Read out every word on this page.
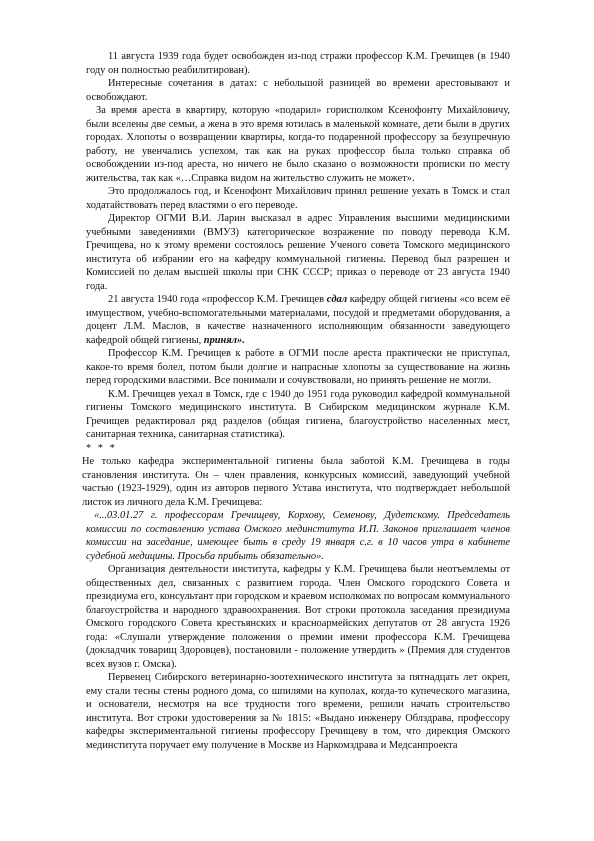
11 августа 1939 года будет освобожден из-под стражи профессор К.М. Гречищев (в 1940 году он полностью реабилитирован).

Интересные сочетания в датах: с небольшой разницей во времени арестовывают и освобождают.

За время ареста в квартиру, которую «подарил» горисполком Ксенофонту Михайловичу, были вселены две семьи, а жена в это время ютилась в маленькой комнате, дети были в других городах. Хлопоты о возвращении квартиры, когда-то подаренной профессору за безупречную работу, не увенчались успехом, так как на руках профессор была только справка об освобождении из-под ареста, но ничего не было сказано о возможности прописки по месту жительства, так как «…Справка видом на жительство служить не может».

Это продолжалось год, и Ксенофонт Михайлович принял решение уехать в Томск и стал ходатайствовать перед властями о его переводе.

Директор ОГМИ В.И. Ларин высказал в адрес Управления высшими медицинскими учебными заведениями (ВМУЗ) категорическое возражение по поводу перевода К.М. Гречищева, но к этому времени состоялось решение Ученого совета Томского медицинского института об избрании его на кафедру коммунальной гигиены. Перевод был разрешен и Комиссией по делам высшей школы при СНК СССР; приказ о переводе от 23 августа 1940 года.

21 августа 1940 года «профессор К.М. Гречищев сдал кафедру общей гигиены «со всем её имуществом, учебно-вспомогательными материалами, посудой и предметами оборудования, а доцент Л.М. Маслов, в качестве назначенного исполняющим обязанности заведующего кафедрой общей гигиены, принял».

Профессор К.М. Гречищев к работе в ОГМИ после ареста практически не приступал, какое-то время болел, потом были долгие и напрасные хлопоты за существование на жизнь перед городскими властями. Все понимали и сочувствовали, но принять решение не могли.

К.М. Гречищев уехал в Томск, где с 1940 до 1951 года руководил кафедрой коммунальной гигиены Томского медицинского института. В Сибирском медицинском журнале К.М. Гречищев редактировал ряд разделов (общая гигиена, благоустройство населенных мест, санитарная техника, санитарная статистика).

* * *

Не только кафедра экспериментальной гигиены была заботой К.М. Гречищева в годы становления института. Он – член правления, конкурсных комиссий, заведующий учебной частью (1923-1929), один из авторов первого Устава института, что подтверждает небольшой листок из личного дела К.М. Гречищева:

«...03.01.27 г. профессорам Гречищеву, Корхову, Семенову, Дудетскому. Председатель комиссии по составлению устава Омского мединститута И.П. Законов приглашает членов комиссии на заседание, имеющее быть в среду 19 января с.г. в 10 часов утра в кабинете судебной медицины. Просьба прибыть обязательно».

Организация деятельности института, кафедры у К.М. Гречищева были неотъемлемы от общественных дел, связанных с развитием города. Член Омского городского Совета и президиума его, консультант при городском и краевом исполкомах по вопросам коммунального благоустройства и народного здравоохранения. Вот строки протокола заседания президиума Омского городского Совета крестьянских и красноармейских депутатов от 28 августа 1926 года: «Слушали утверждение положения о премии имени профессора К.М. Гречищева (докладчик товарищ Здоровцев), постановили - положение утвердить » (Премия для студентов всех вузов г. Омска).

Первенец Сибирского ветеринарно-зоотехнического института за пятнадцать лет окреп, ему стали тесны стены родного дома, со шпилями на куполах, когда-то купеческого магазина, и основатели, несмотря на все трудности того времени, решили начать строительство института. Вот строки удостоверения за № 1815: «Выдано инженеру Облздрава, профессору кафедры экспериментальной гигиены профессору Гречищеву в том, что дирекция Омского мединститута поручает ему получение в Москве из Наркомздрава и Медсанпроекта
